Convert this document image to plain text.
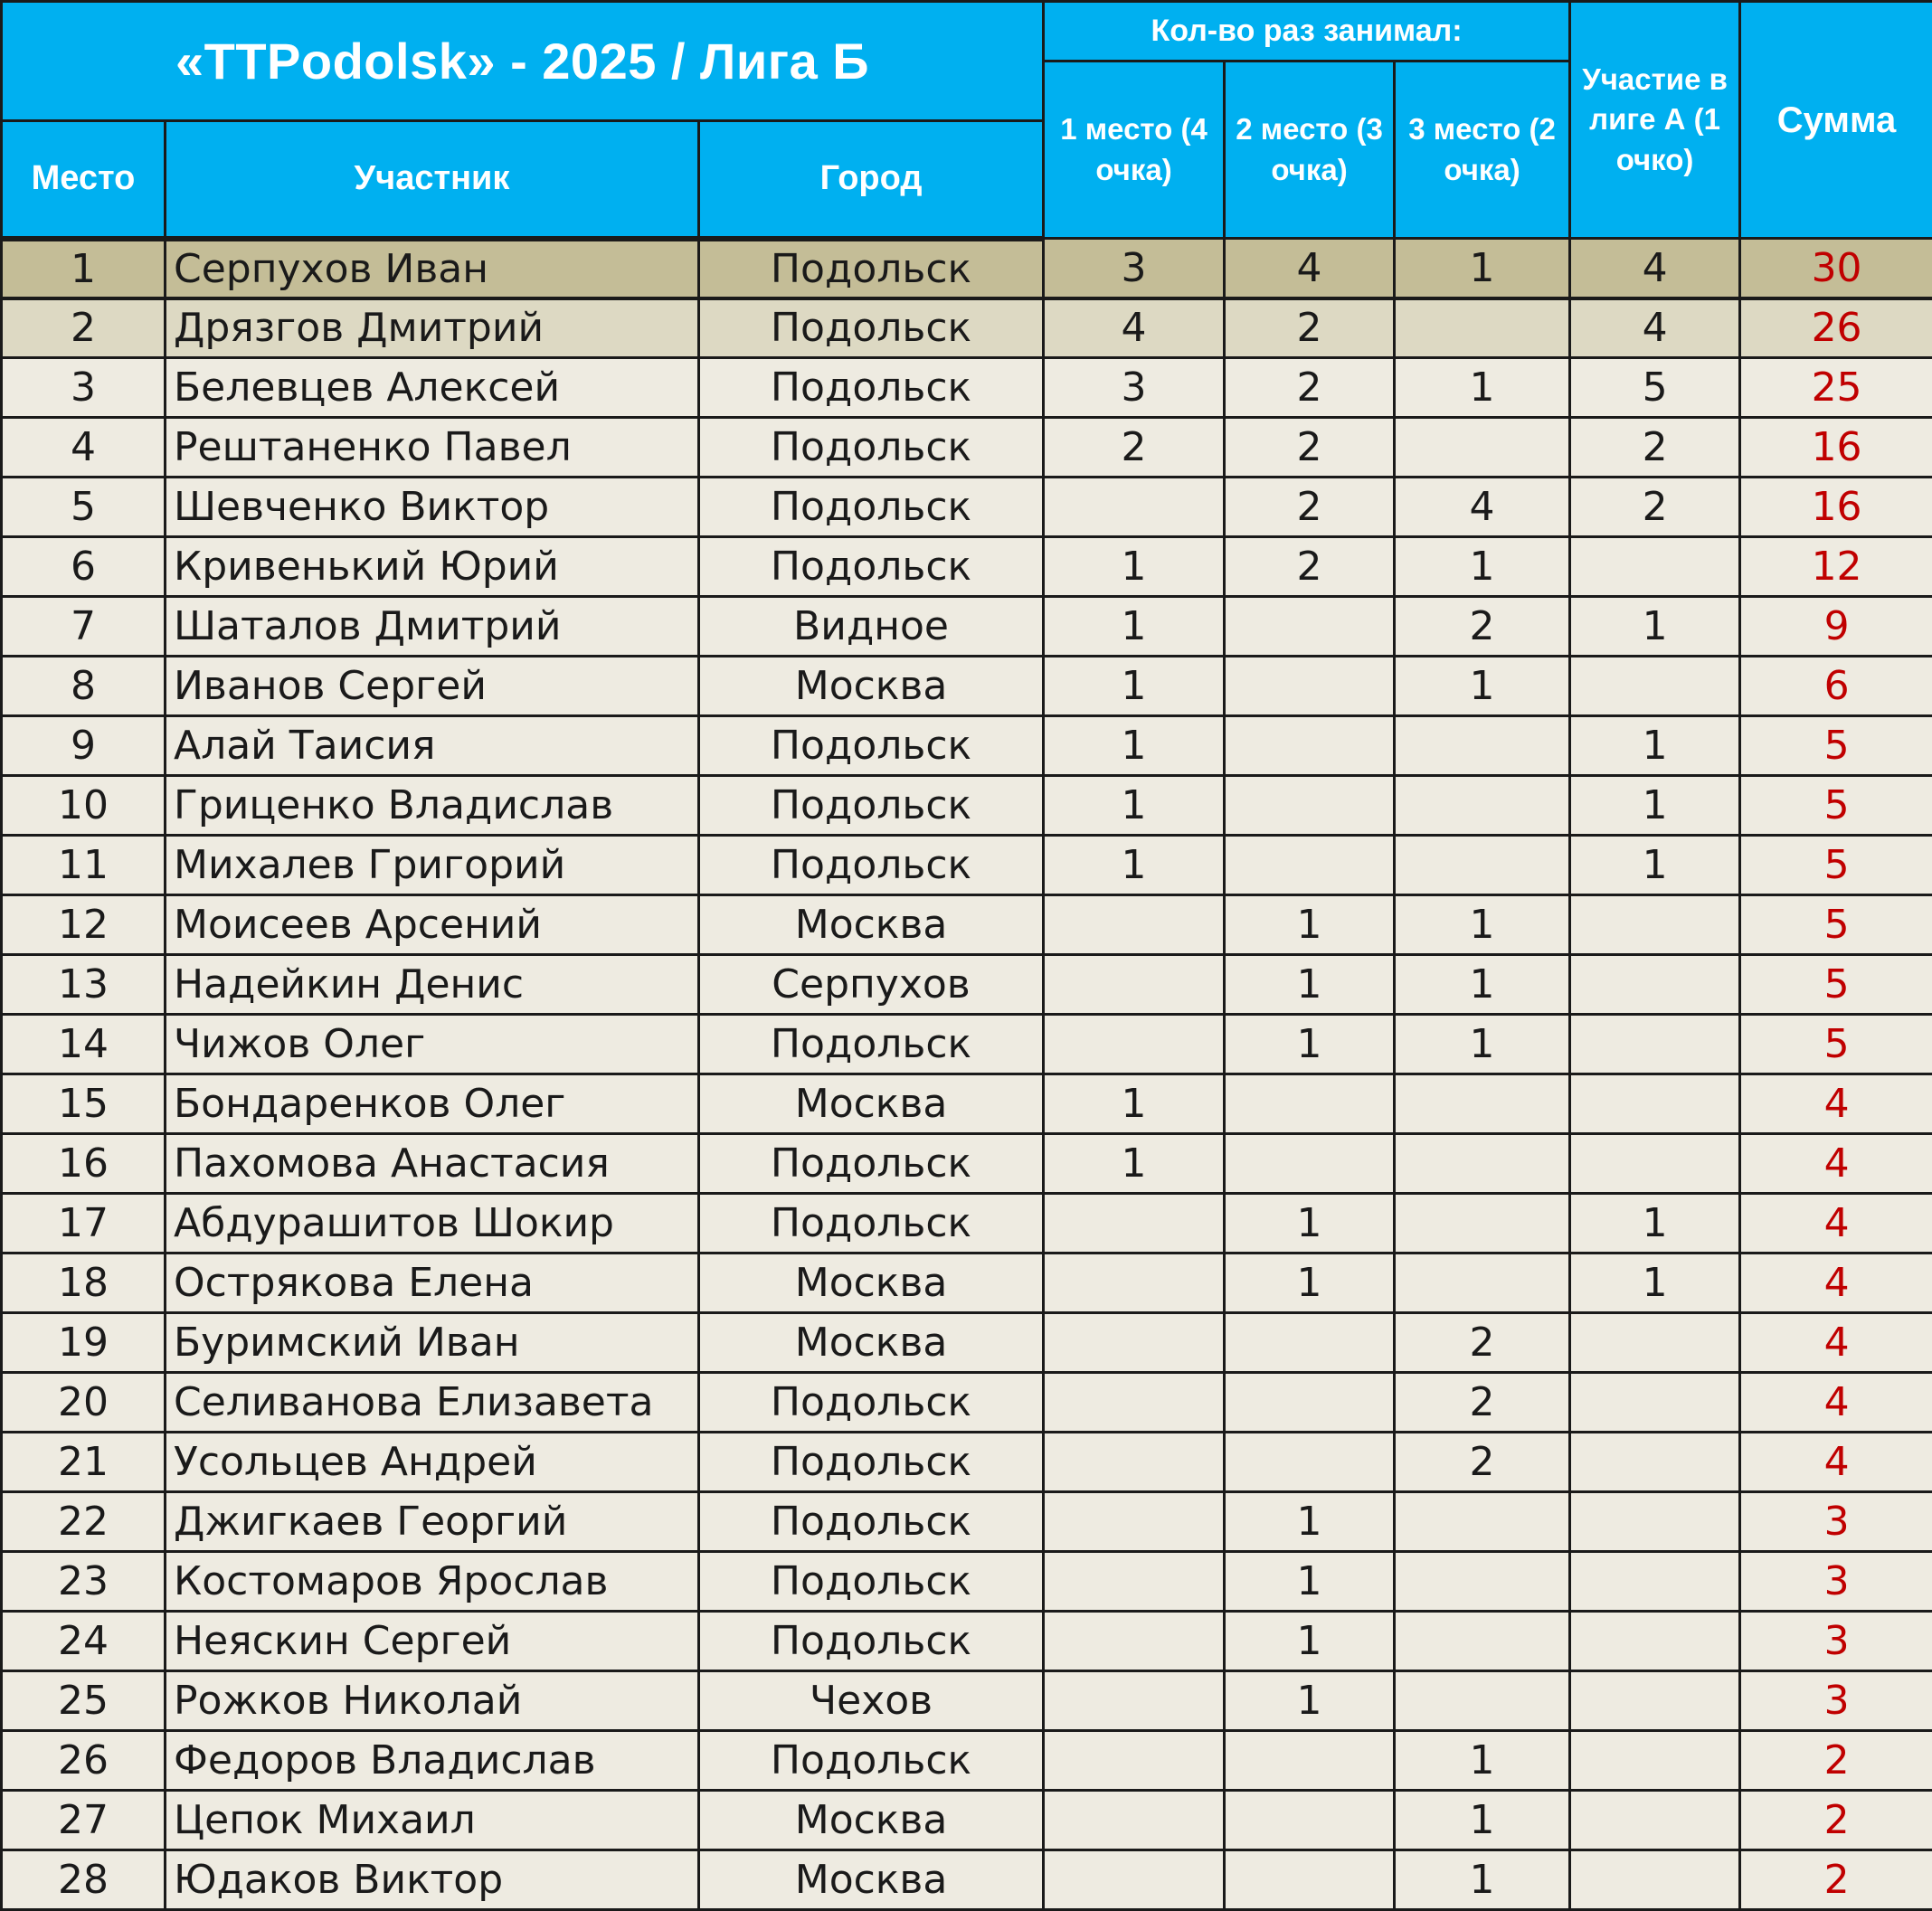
«TTPodolsk» - 2025 / Лига Б			Кол-во раз занимал:			Участие в лиге А (1 очко)	Сумма
			1 место (4 очка)	2 место (3 очка)	3 место (2 очка)		
Место	Участник	Город					
1	Серпухов Иван	Подольск	3	4	1	4	30
2	Дрязгов Дмитрий	Подольск	4	2		4	26
3	Белевцев Алексей	Подольск	3	2	1	5	25
4	Рештаненко Павел	Подольск	2	2		2	16
5	Шевченко Виктор	Подольск		2	4	2	16
6	Кривенький Юрий	Подольск	1	2	1		12
7	Шаталов Дмитрий	Видное	1		2	1	9
8	Иванов Сергей	Москва	1		1		6
9	Алай Таисия	Подольск	1			1	5
10	Гриценко Владислав	Подольск	1			1	5
11	Михалев Григорий	Подольск	1			1	5
12	Моисеев Арсений	Москва		1	1		5
13	Надейкин Денис	Серпухов		1	1		5
14	Чижов Олег	Подольск		1	1		5
15	Бондаренков Олег	Москва	1				4
16	Пахомова Анастасия	Подольск	1				4
17	Абдурашитов Шокир	Подольск		1		1	4
18	Острякова Елена	Москва		1		1	4
19	Буримский Иван	Москва			2		4
20	Селиванова Елизавета	Подольск			2		4
21	Усольцев Андрей	Подольск			2		4
22	Джигкаев Георгий	Подольск		1			3
23	Костомаров Ярослав	Подольск		1			3
24	Неяскин Сергей	Подольск		1			3
25	Рожков Николай	Чехов		1			3
26	Федоров Владислав	Подольск			1		2
27	Цепок Михаил	Москва			1		2
28	Юдаков Виктор	Москва			1		2
